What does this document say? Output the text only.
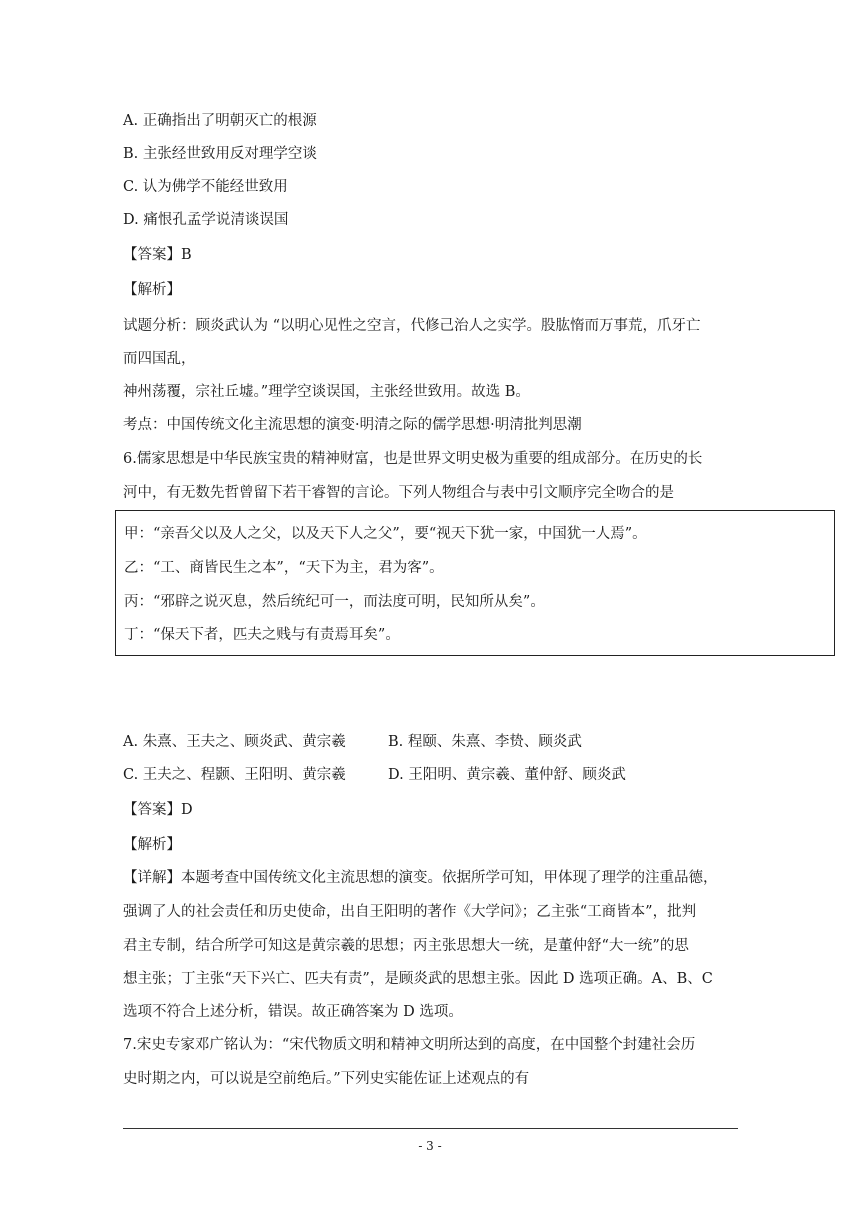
A. 正确指出了明朝灭亡的根源
B. 主张经世致用反对理学空谈
C. 认为佛学不能经世致用
D. 痛恨孔孟学说清谈误国
【答案】B
【解析】
试题分析：顾炎武认为 “以明心见性之空言，代修己治人之实学。股肱惰而万事荒，爪牙亡
而四国乱，
神州荡覆，宗社丘墟。”理学空谈误国，主张经世致用。故选 B。
考点：中国传统文化主流思想的演变·明清之际的儒学思想·明清批判思潮
6.儒家思想是中华民族宝贵的精神财富，也是世界文明史极为重要的组成部分。在历史的长
河中，有无数先哲曾留下若干睿智的言论。下列人物组合与表中引文顺序完全吻合的是
甲：“亲吾父以及人之父，以及天下人之父”，要“视天下犹一家，中国犹一人焉”。
乙：“工、商皆民生之本”，“天下为主，君为客”。
丙：“邪辟之说灭息，然后统纪可一，而法度可明，民知所从矣”。
丁：“保天下者，匹夫之贱与有责焉耳矣”。
A. 朱熹、王夫之、顾炎武、黄宗羲	B. 程颐、朱熹、李贽、顾炎武
C. 王夫之、程颢、王阳明、黄宗羲	D. 王阳明、黄宗羲、董仲舒、顾炎武
【答案】D
【解析】
【详解】本题考查中国传统文化主流思想的演变。依据所学可知，甲体现了理学的注重品德，
强调了人的社会责任和历史使命，出自王阳明的著作《大学问》；乙主张“工商皆本”，批判
君主专制，结合所学可知这是黄宗羲的思想；丙主张思想大一统，是董仲舒“大一统”的思
想主张；丁主张“天下兴亡、匹夫有责”，是顾炎武的思想主张。因此 D 选项正确。A、B、C
选项不符合上述分析，错误。故正确答案为 D 选项。
7.宋史专家邓广铭认为：“宋代物质文明和精神文明所达到的高度，在中国整个封建社会历
史时期之内，可以说是空前绝后。”下列史实能佐证上述观点的有
- 3 -
